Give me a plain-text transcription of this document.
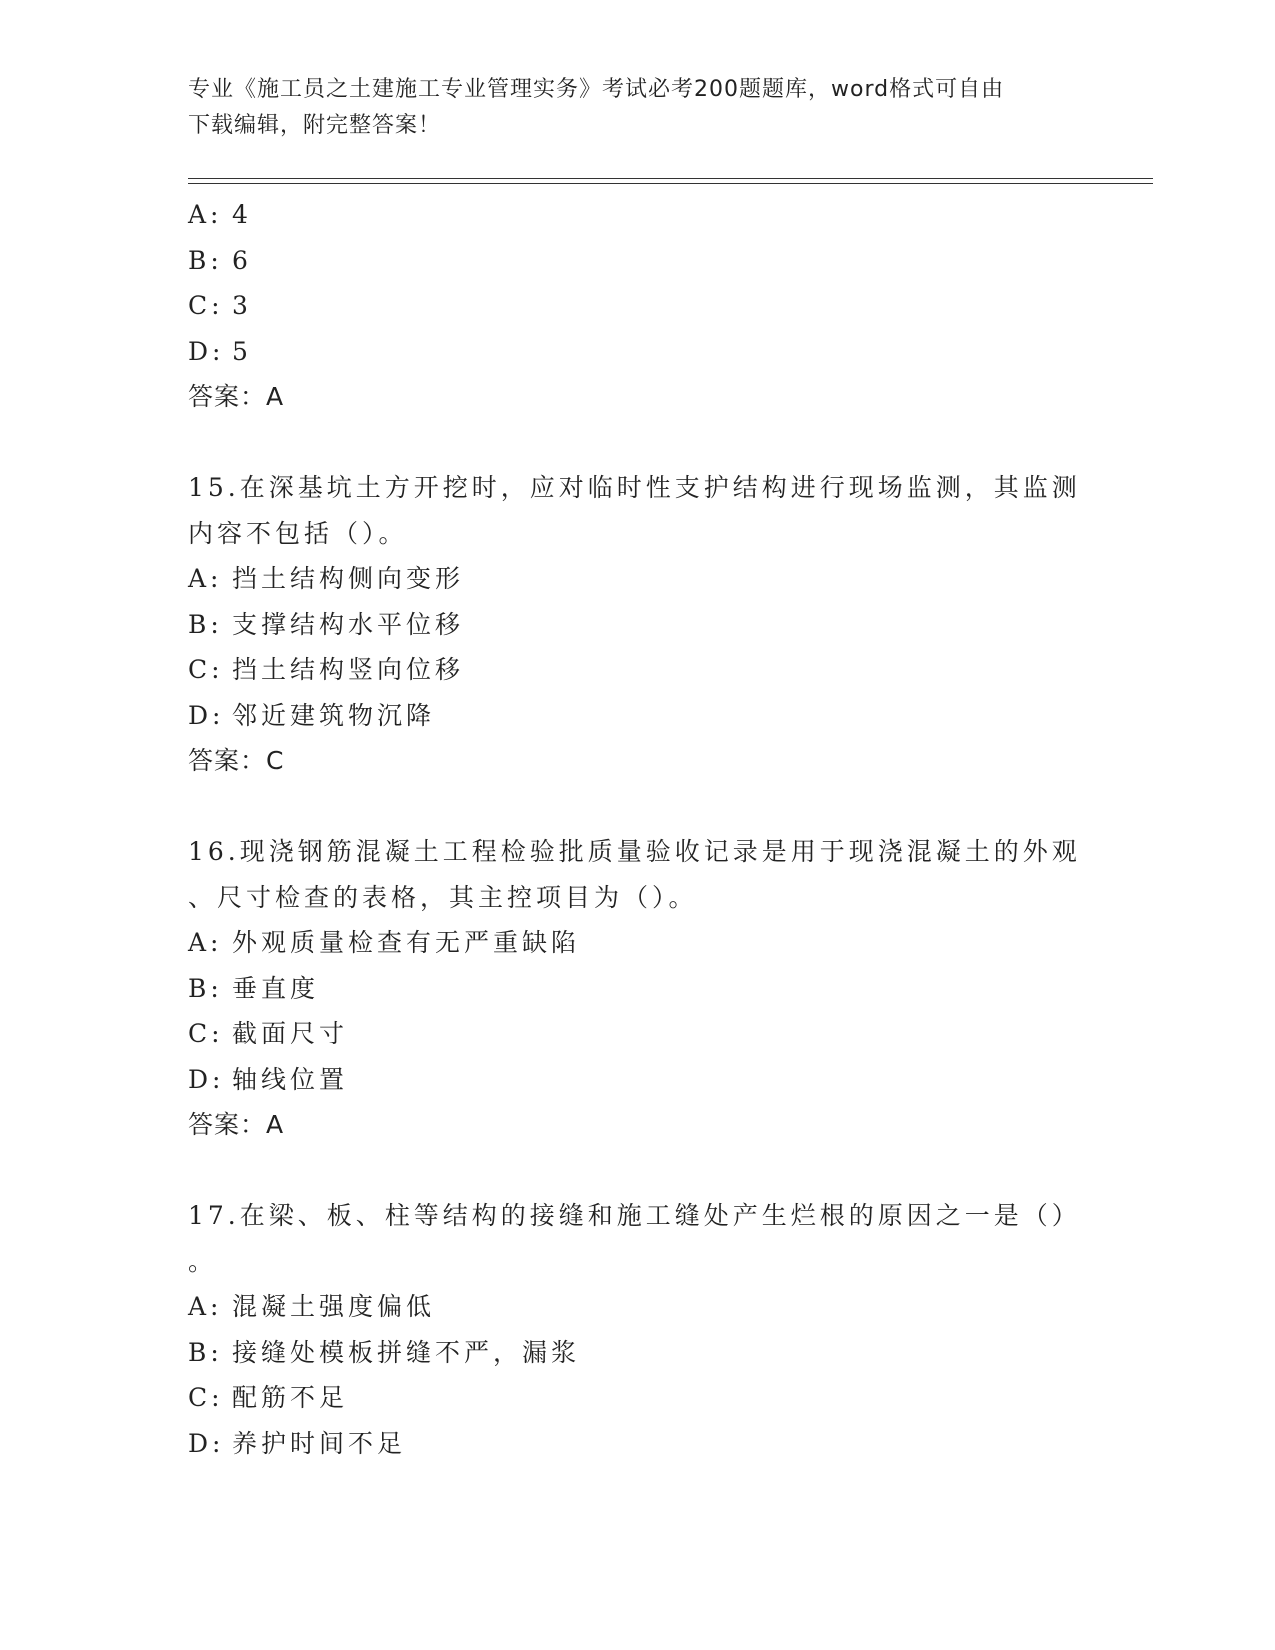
专业《施工员之土建施工专业管理实务》考试必考200题题库，word格式可自由
下载编辑，附完整答案！

A: 4

B: 6

C: 3

D: 5

答案：A

15.在深基坑土方开挖时，应对临时性支护结构进行现场监测，其监测

内容不包括（）。

A: 挡土结构侧向变形

B: 支撑结构水平位移

C: 挡土结构竖向位移

D: 邻近建筑物沉降

答案：C

16.现浇钢筋混凝土工程检验批质量验收记录是用于现浇混凝土的外观

、尺寸检查的表格，其主控项目为（）。

A: 外观质量检查有无严重缺陷

B: 垂直度

C: 截面尺寸

D: 轴线位置

答案：A

17.在梁、板、柱等结构的接缝和施工缝处产生烂根的原因之一是（）

。

A: 混凝土强度偏低

B: 接缝处模板拼缝不严，漏浆

C: 配筋不足

D: 养护时间不足
